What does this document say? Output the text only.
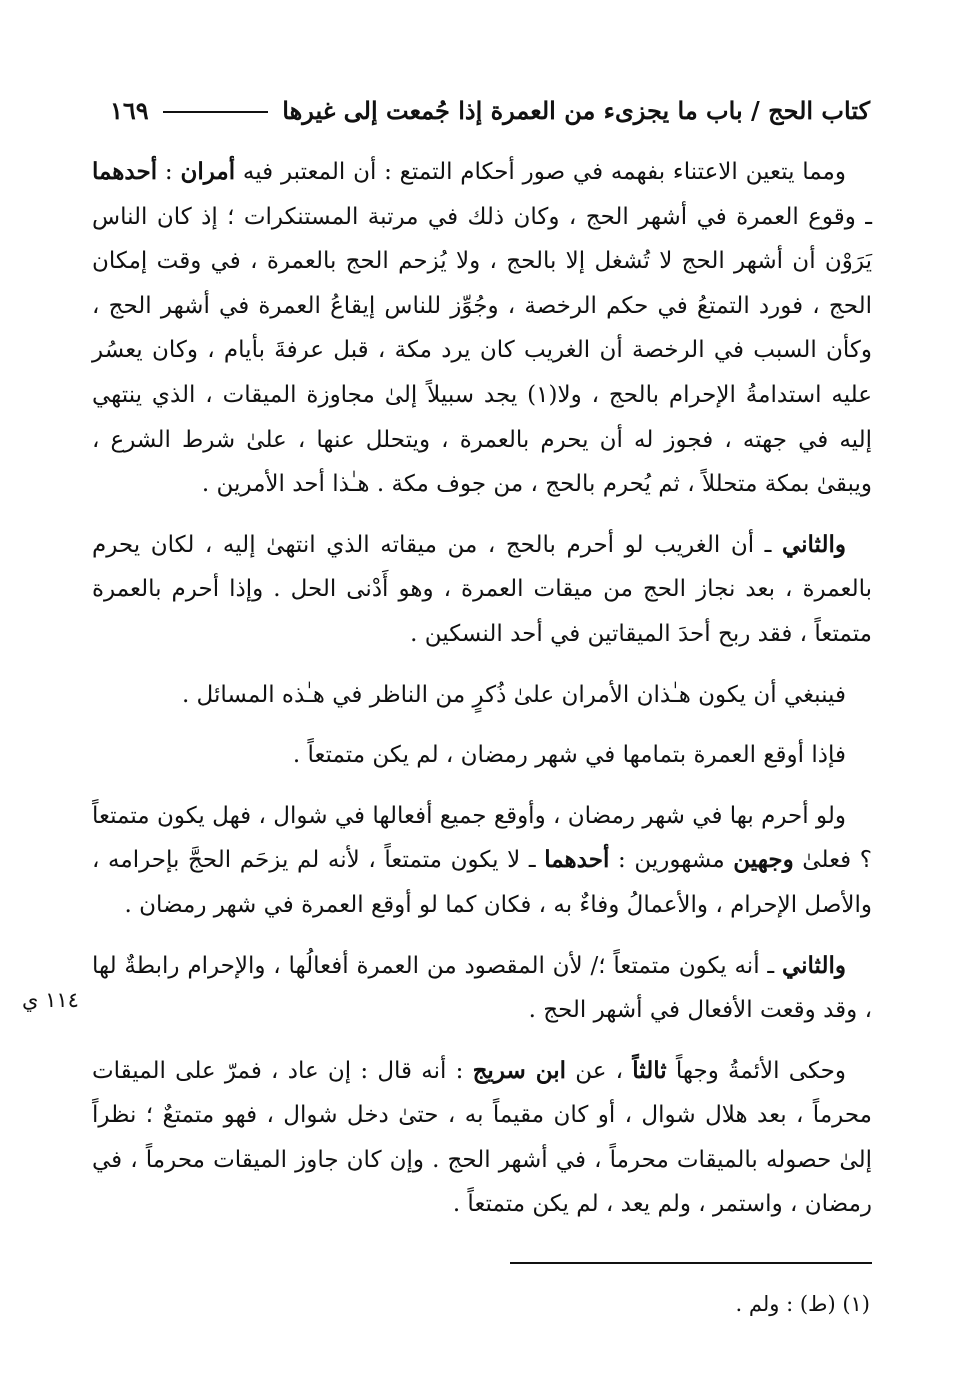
كتاب الحج / باب ما يجزىء من العمرة إذا جُمعت إلى غيرها
١٦٩

ومما يتعين الاعتناء بفهمه في صور أحكام التمتع : أن المعتبر فيه أمران : أحدهما ـ وقوع العمرة في أشهر الحج ، وكان ذلك في مرتبة المستنكرات ؛ إذ كان الناس يَرَوْن أن أشهر الحج لا تُشغل إلا بالحج ، ولا يُزحم الحج بالعمرة ، في وقت إمكان الحج ، فورد التمتعُ في حكم الرخصة ، وجُوِّز للناس إيقاعُ العمرة في أشهر الحج ، وكأن السبب في الرخصة أن الغريب كان يرد مكة ، قبل عرفةَ بأيام ، وكان يعسُر عليه استدامةُ الإحرام بالحج ، ولا(١) يجد سبيلاً إلىٰ مجاوزة الميقات ، الذي ينتهي إليه في جهته ، فجوز له أن يحرم بالعمرة ، ويتحلل عنها ، علىٰ شرط الشرع ، ويبقىٰ بمكة متحللاً ، ثم يُحرم بالحج ، من جوف مكة . هـٰذا أحد الأمرين .

والثاني ـ أن الغريب لو أحرم بالحج ، من ميقاته الذي انتهىٰ إليه ، لكان يحرم بالعمرة ، بعد نجاز الحج من ميقات العمرة ، وهو أَدْنى الحل . وإذا أحرم بالعمرة متمتعاً ، فقد ربح أحدَ الميقاتين في أحد النسكين .

فينبغي أن يكون هـٰذان الأمران علىٰ ذُكرٍ من الناظر في هـٰذه المسائل .

فإذا أوقع العمرة بتمامها في شهر رمضان ، لم يكن متمتعاً .

ولو أحرم بها في شهر رمضان ، وأوقع جميع أفعالها في شوال ، فهل يكون متمتعاً ؟ فعلىٰ وجهين مشهورين : أحدهما ـ لا يكون متمتعاً ، لأنه لم يزحَم الحجَّ بإحرامه ، والأصل الإحرام ، والأعمالُ وفاءٌ به ، فكان كما لو أوقع العمرة في شهر رمضان .

والثاني ـ أنه يكون متمتعاً ؛/ لأن المقصود من العمرة أفعالُها ، والإحرام رابطةٌ لها ، وقد وقعت الأفعال في أشهر الحج .

وحكى الأئمةُ وجهاً ثالثاً ، عن ابن سريج : أنه قال : إن عاد ، فمرّ على الميقات محرماً ، بعد هلال شوال ، أو كان مقيماً به ، حتىٰ دخل شوال ، فهو متمتعٌ ؛ نظراً إلىٰ حصوله بالميقات محرماً ، في أشهر الحج . وإن كان جاوز الميقات محرماً ، في رمضان ، واستمر ، ولم يعد ، لم يكن متمتعاً .

١١٤ ي
(١) (ط) : ولم .
